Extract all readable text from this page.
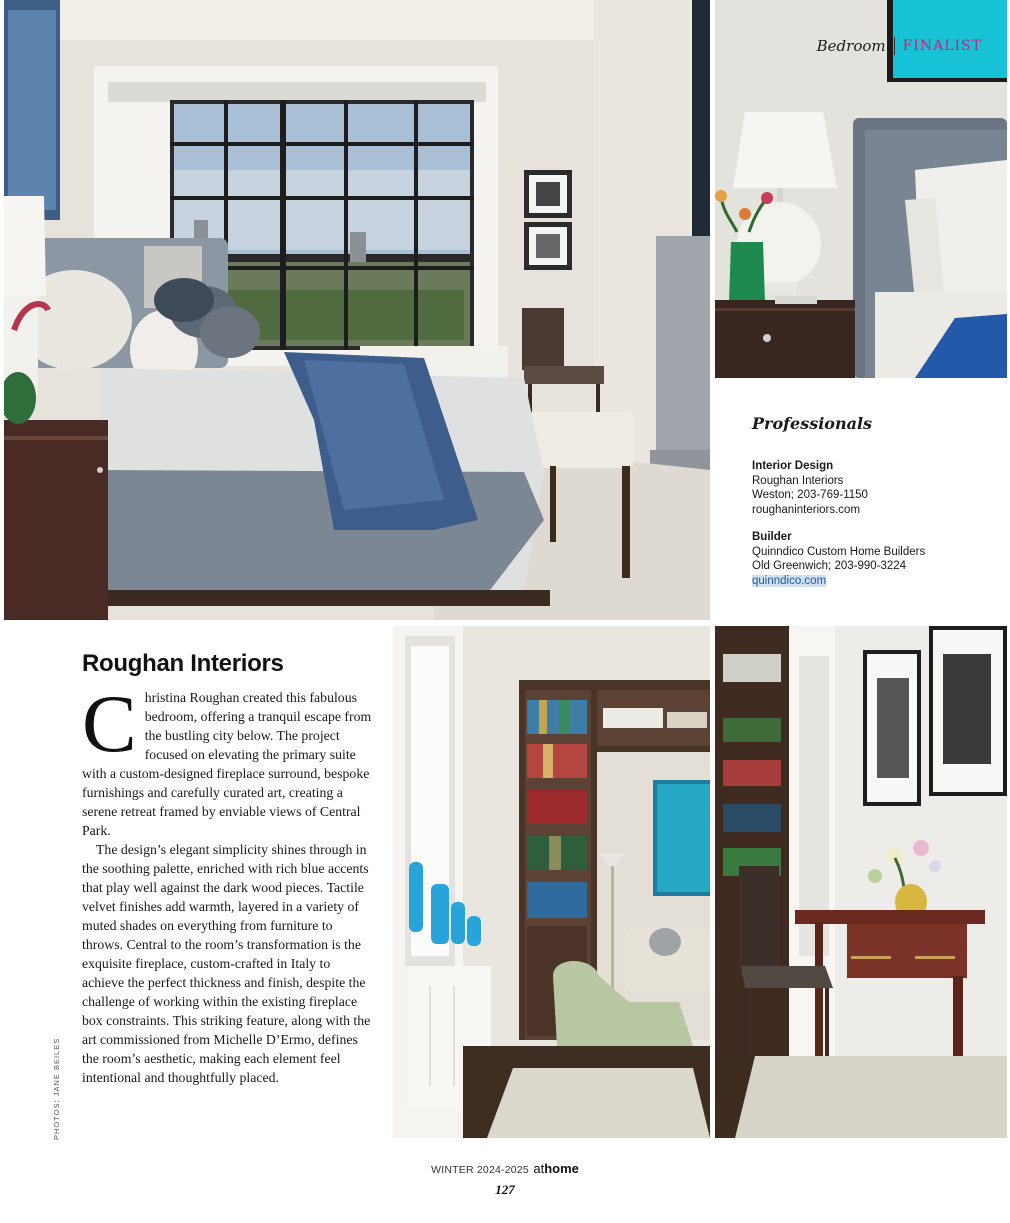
Bedroom FINALIST
Professionals
Interior Design
Roughan Interiors
Weston; 203-769-1150
roughaninteriors.com
Builder
Quinndico Custom Home Builders
Old Greenwich; 203-990-3224
quinndico.com
Roughan Interiors

Christina Roughan created this fabulous bedroom, offering a tranquil escape from the bustling city below. The project focused on elevating the primary suite with a custom-designed fireplace surround, bespoke furnishings and carefully curated art, creating a serene retreat framed by enviable views of Central Park.

The design’s elegant simplicity shines through in the soothing palette, enriched with rich blue accents that play well against the dark wood pieces. Tactile velvet finishes add warmth, layered in a variety of muted shades on everything from furniture to throws. Central to the room’s transformation is the exquisite fireplace, custom-crafted in Italy to achieve the perfect thickness and finish, despite the challenge of working within the existing fireplace box constraints. This striking feature, along with the art commissioned from Michelle D’Ermo, defines the room’s aesthetic, making each element feel intentional and thoughtfully placed.

PHOTOS: JANE BEILES
WINTER 2024-2025 athome
127
